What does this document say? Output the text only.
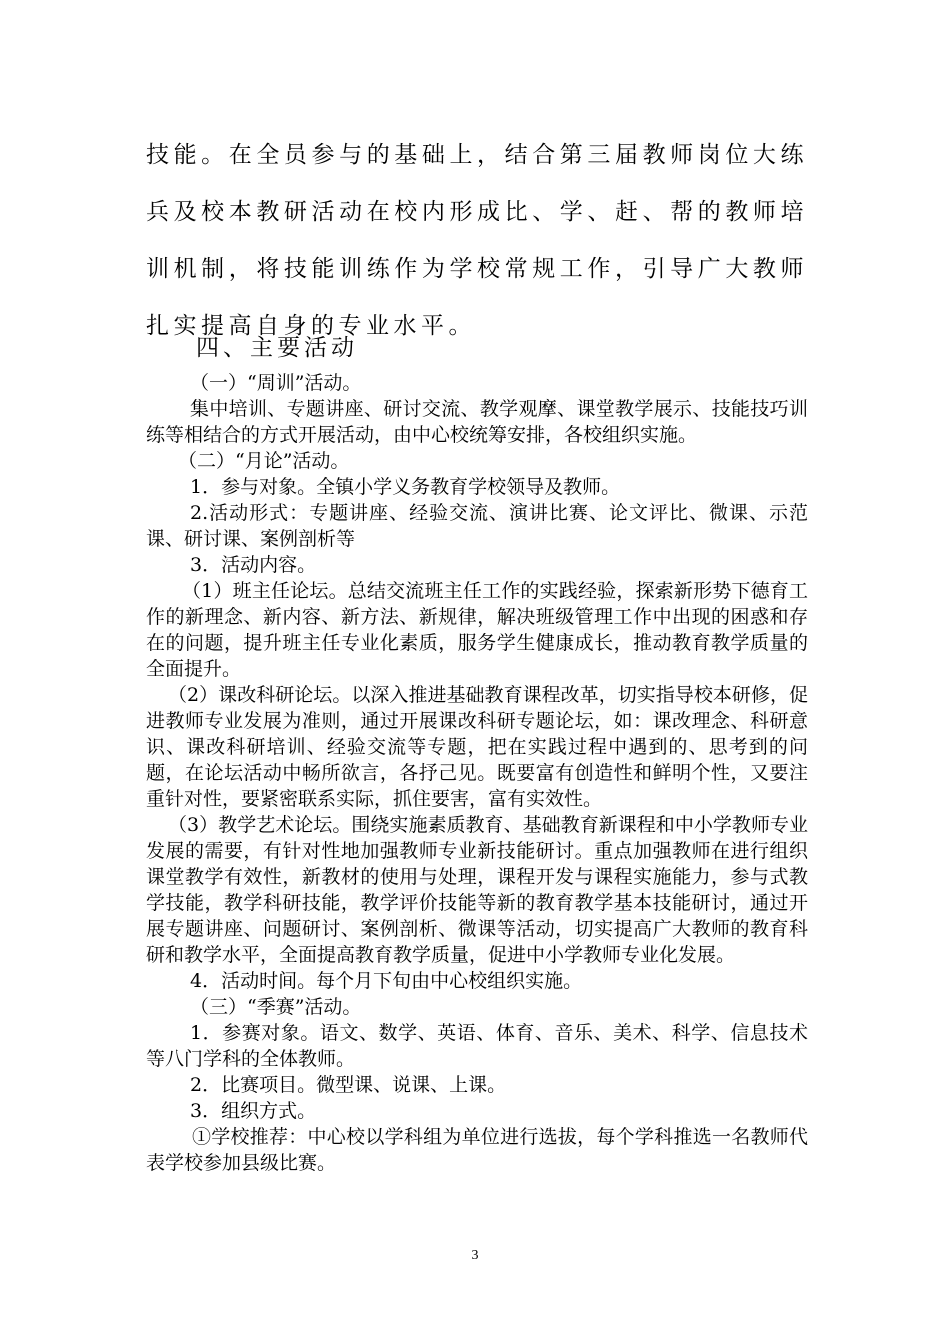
技能。在全员参与的基础上，结合第三届教师岗位大练兵及校本教研活动在校内形成比、学、赶、帮的教师培训机制，将技能训练作为学校常规工作，引导广大教师扎实提高自身的专业水平。

四、主要活动

（一）“周训”活动。

集中培训、专题讲座、研讨交流、教学观摩、课堂教学展示、技能技巧训练等相结合的方式开展活动，由中心校统筹安排，各校组织实施。

（二）“月论”活动。

1．参与对象。全镇小学义务教育学校领导及教师。

2.活动形式：专题讲座、经验交流、演讲比赛、论文评比、微课、示范课、研讨课、案例剖析等

3．活动内容。

（1）班主任论坛。总结交流班主任工作的实践经验，探索新形势下德育工作的新理念、新内容、新方法、新规律，解决班级管理工作中出现的困惑和存在的问题，提升班主任专业化素质，服务学生健康成长，推动教育教学质量的全面提升。

（2）课改科研论坛。以深入推进基础教育课程改革，切实指导校本研修，促进教师专业发展为准则，通过开展课改科研专题论坛，如：课改理念、科研意识、课改科研培训、经验交流等专题，把在实践过程中遇到的、思考到的问题，在论坛活动中畅所欲言，各抒己见。既要富有创造性和鲜明个性，又要注重针对性，要紧密联系实际，抓住要害，富有实效性。

（3）教学艺术论坛。围绕实施素质教育、基础教育新课程和中小学教师专业发展的需要，有针对性地加强教师专业新技能研讨。重点加强教师在进行组织课堂教学有效性，新教材的使用与处理，课程开发与课程实施能力，参与式教学技能，教学科研技能，教学评价技能等新的教育教学基本技能研讨，通过开展专题讲座、问题研讨、案例剖析、微课等活动，切实提高广大教师的教育科研和教学水平，全面提高教育教学质量，促进中小学教师专业化发展。

4．活动时间。每个月下旬由中心校组织实施。

（三）“季赛”活动。

1．参赛对象。语文、数学、英语、体育、音乐、美术、科学、信息技术等八门学科的全体教师。

2．比赛项目。微型课、说课、上课。

3．组织方式。

①学校推荐：中心校以学科组为单位进行选拔，每个学科推选一名教师代表学校参加县级比赛。

3
